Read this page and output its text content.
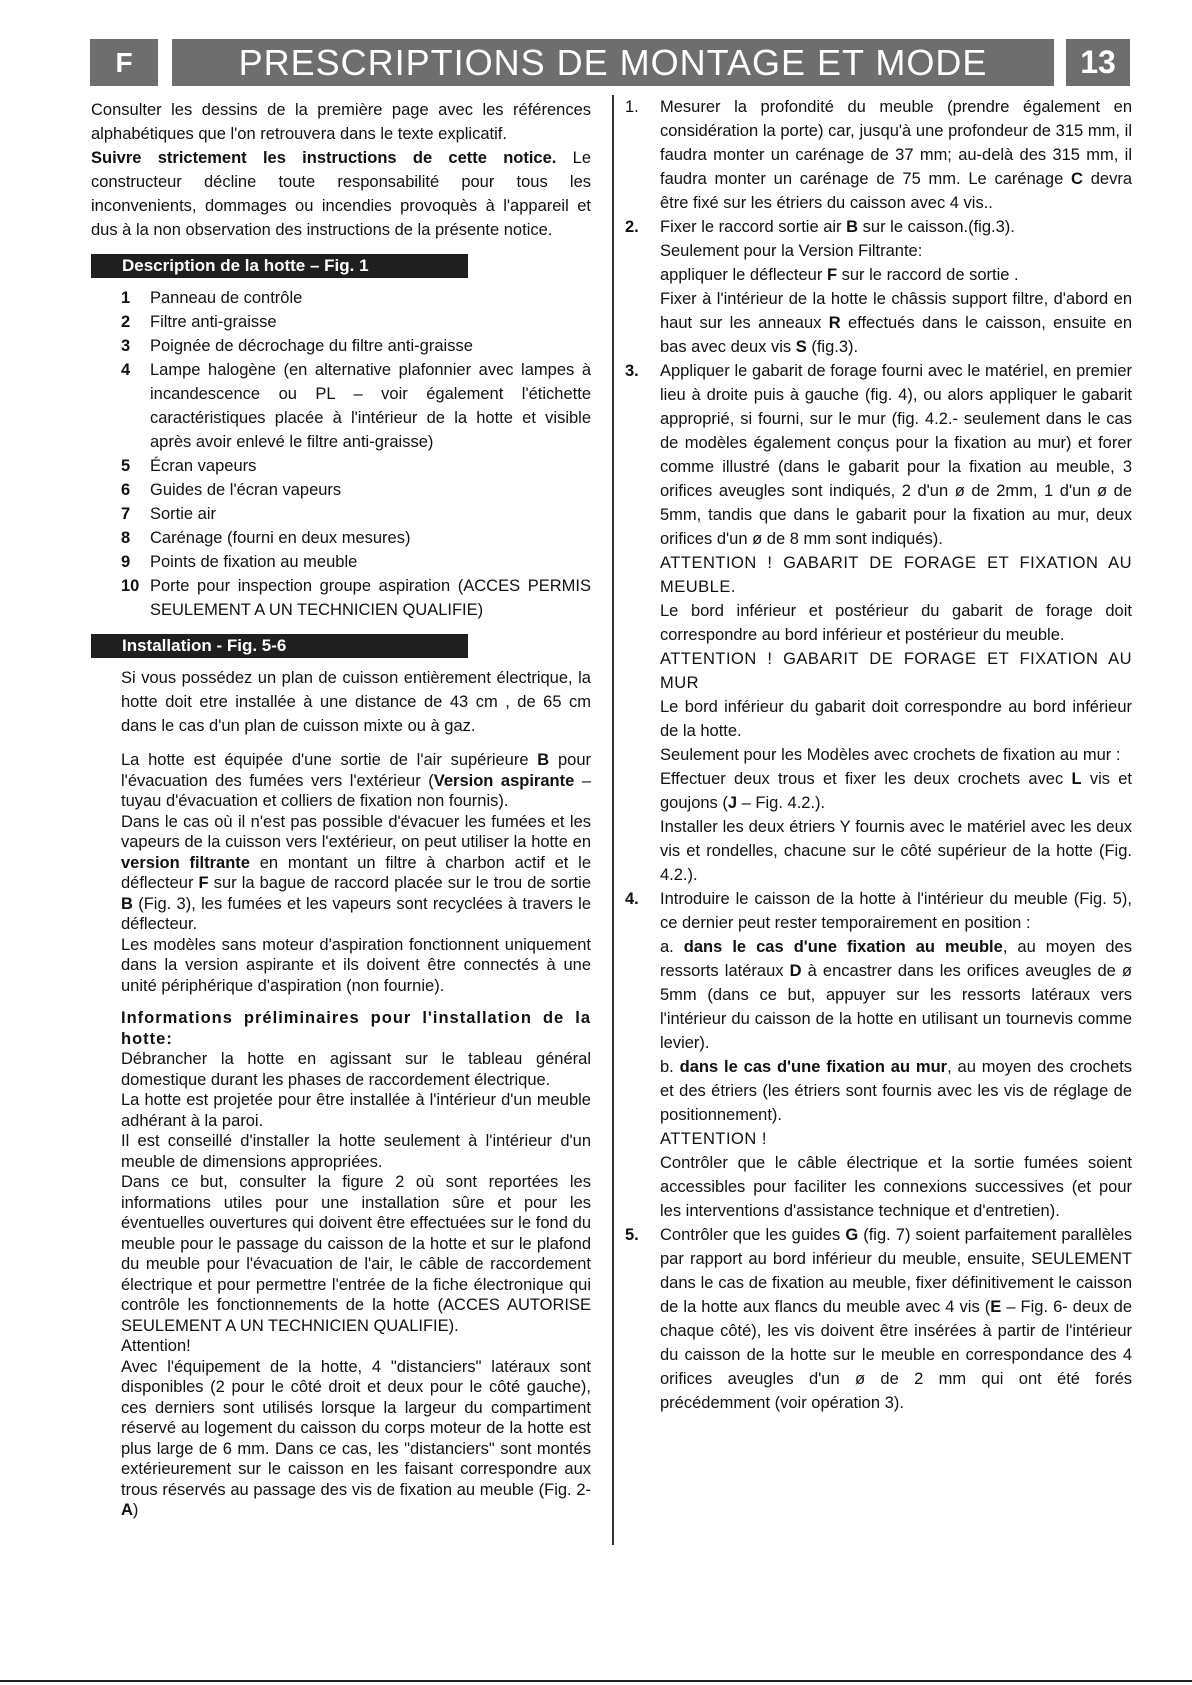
F	PRESCRIPTIONS DE MONTAGE ET MODE	13

Consulter les dessins de la première page avec les références alphabétiques que l'on retrouvera dans le texte explicatif.

Suivre strictement les instructions de cette notice. Le constructeur décline toute responsabilité pour tous les inconvenients, dommages ou incendies provoquès à l'appareil et dus à la non observation des instructions de la présente notice.

Description de la hotte – Fig. 1
1	Panneau de contrôle
2	Filtre anti-graisse
3	Poignée de décrochage du filtre anti-graisse
4	Lampe halogène (en alternative plafonnier avec lampes à incandescence ou PL – voir également l'étichette caractéristiques placée à l'intérieur de la hotte et visible après avoir enlevé le filtre anti-graisse)
5	Écran vapeurs
6	Guides de l'écran vapeurs
7	Sortie air
8	Carénage (fourni en deux mesures)
9	Points de fixation au meuble
10 Porte pour inspection groupe aspiration (ACCES PERMIS SEULEMENT A UN TECHNICIEN QUALIFIE)
Installation - Fig. 5-6

Si vous possédez un plan de cuisson entièrement électrique, la hotte doit etre installée à une distance de 43 cm , de 65 cm dans le cas d'un plan de cuisson mixte ou à gaz.

La hotte est équipée d'une sortie de l'air supérieure B pour l'évacuation des fumées vers l'extérieur (Version aspirante – tuyau d'évacuation et colliers de fixation non fournis).

Dans le cas où il n'est pas possible d'évacuer les fumées et les vapeurs de la cuisson vers l'extérieur, on peut utiliser la hotte en version filtrante en montant un filtre à charbon actif et le déflecteur F sur la bague de raccord placée sur le trou de sortie B (Fig. 3), les fumées et les vapeurs sont recyclées à travers le déflecteur.

Les modèles sans moteur d'aspiration fonctionnent uniquement dans la version aspirante et ils doivent être connectés à une unité périphérique d'aspiration (non fournie).

Informations préliminaires pour l'installation de la hotte:

Débrancher la hotte en agissant sur le tableau général domestique durant les phases de raccordement électrique.

La hotte est projetée pour être installée à l'intérieur d'un meuble adhérant à la paroi.

Il est conseillé d'installer la hotte seulement à l'intérieur d'un meuble de dimensions appropriées.

Dans ce but, consulter la figure 2 où sont reportées les informations utiles pour une installation sûre et pour les éventuelles ouvertures qui doivent être effectuées sur le fond du meuble pour le passage du caisson de la hotte et sur le plafond du meuble pour l'évacuation de l'air, le câble de raccordement électrique et pour permettre l'entrée de la fiche électronique qui contrôle les fonctionnements de la hotte (ACCES AUTORISE SEULEMENT A UN TECHNICIEN QUALIFIE).

Attention!

Avec l'équipement de la hotte, 4 "distanciers" latéraux sont disponibles (2 pour le côté droit et deux pour le côté gauche), ces derniers sont utilisés lorsque la largeur du compartiment réservé au logement du caisson du corps moteur de la hotte est plus large de 6 mm. Dans ce cas, les "distanciers" sont montés extérieurement sur le caisson en les faisant correspondre aux trous réservés au passage des vis de fixation au meuble (Fig. 2-A)

1.	Mesurer la profondité du meuble (prendre également en considération la porte) car, jusqu'à une profondeur de 315 mm, il faudra monter un carénage de 37 mm; au-delà des 315 mm, il faudra monter un carénage de 75 mm. Le carénage C devra être fixé sur les étriers du caisson avec 4 vis..

2.	Fixer le raccord sortie air B sur le caisson.(fig.3).

Seulement pour la Version Filtrante:

appliquer le déflecteur F sur le raccord de sortie .

Fixer à l'intérieur de la hotte le châssis support filtre, d'abord en haut sur les anneaux R effectués dans le caisson, ensuite en bas avec deux vis S (fig.3).

3.	Appliquer le gabarit de forage fourni avec le matériel, en premier lieu à droite puis à gauche (fig. 4), ou alors appliquer le gabarit approprié, si fourni, sur le mur (fig. 4.2.- seulement dans le cas de modèles également conçus pour la fixation au mur) et forer comme illustré (dans le gabarit pour la fixation au meuble, 3 orifices aveugles sont indiqués, 2 d'un ø de 2mm, 1 d'un ø de 5mm, tandis que dans le gabarit pour la fixation au mur, deux orifices d'un ø de 8 mm sont indiqués).

ATTENTION ! GABARIT DE FORAGE ET FIXATION AU MEUBLE.

Le bord inférieur et postérieur du gabarit de forage doit correspondre au bord inférieur et postérieur du meuble.

ATTENTION ! GABARIT DE FORAGE ET FIXATION AU MUR

Le bord inférieur du gabarit doit correspondre au bord inférieur de la hotte.

Seulement pour les Modèles avec crochets de fixation au mur :

Effectuer deux trous et fixer les deux crochets avec L vis et goujons (J – Fig. 4.2.).

Installer les deux étriers Y fournis avec le matériel avec les deux vis et rondelles, chacune sur le côté supérieur de la hotte (Fig. 4.2.).

4.	Introduire le caisson de la hotte à l'intérieur du meuble (Fig. 5), ce dernier peut rester temporairement en position :

a. dans le cas d'une fixation au meuble, au moyen des ressorts latéraux D à encastrer dans les orifices aveugles de ø 5mm (dans ce but, appuyer sur les ressorts latéraux vers l'intérieur du caisson de la hotte en utilisant un tournevis comme levier).

b. dans le cas d'une fixation au mur, au moyen des crochets et des étriers (les étriers sont fournis avec les vis de réglage de positionnement).

ATTENTION !

Contrôler que le câble électrique et la sortie fumées soient accessibles pour faciliter les connexions successives (et pour les interventions d'assistance technique et d'entretien).

5.	Contrôler que les guides G (fig. 7) soient parfaitement parallèles par rapport au bord inférieur du meuble, ensuite, SEULEMENT dans le cas de fixation au meuble, fixer définitivement le caisson de la hotte aux flancs du meuble avec 4 vis (E – Fig. 6- deux de chaque côté), les vis doivent être insérées à partir de l'intérieur du caisson de la hotte sur le meuble en correspondance des 4 orifices aveugles d'un ø de 2 mm qui ont été forés précédemment (voir opération 3).
